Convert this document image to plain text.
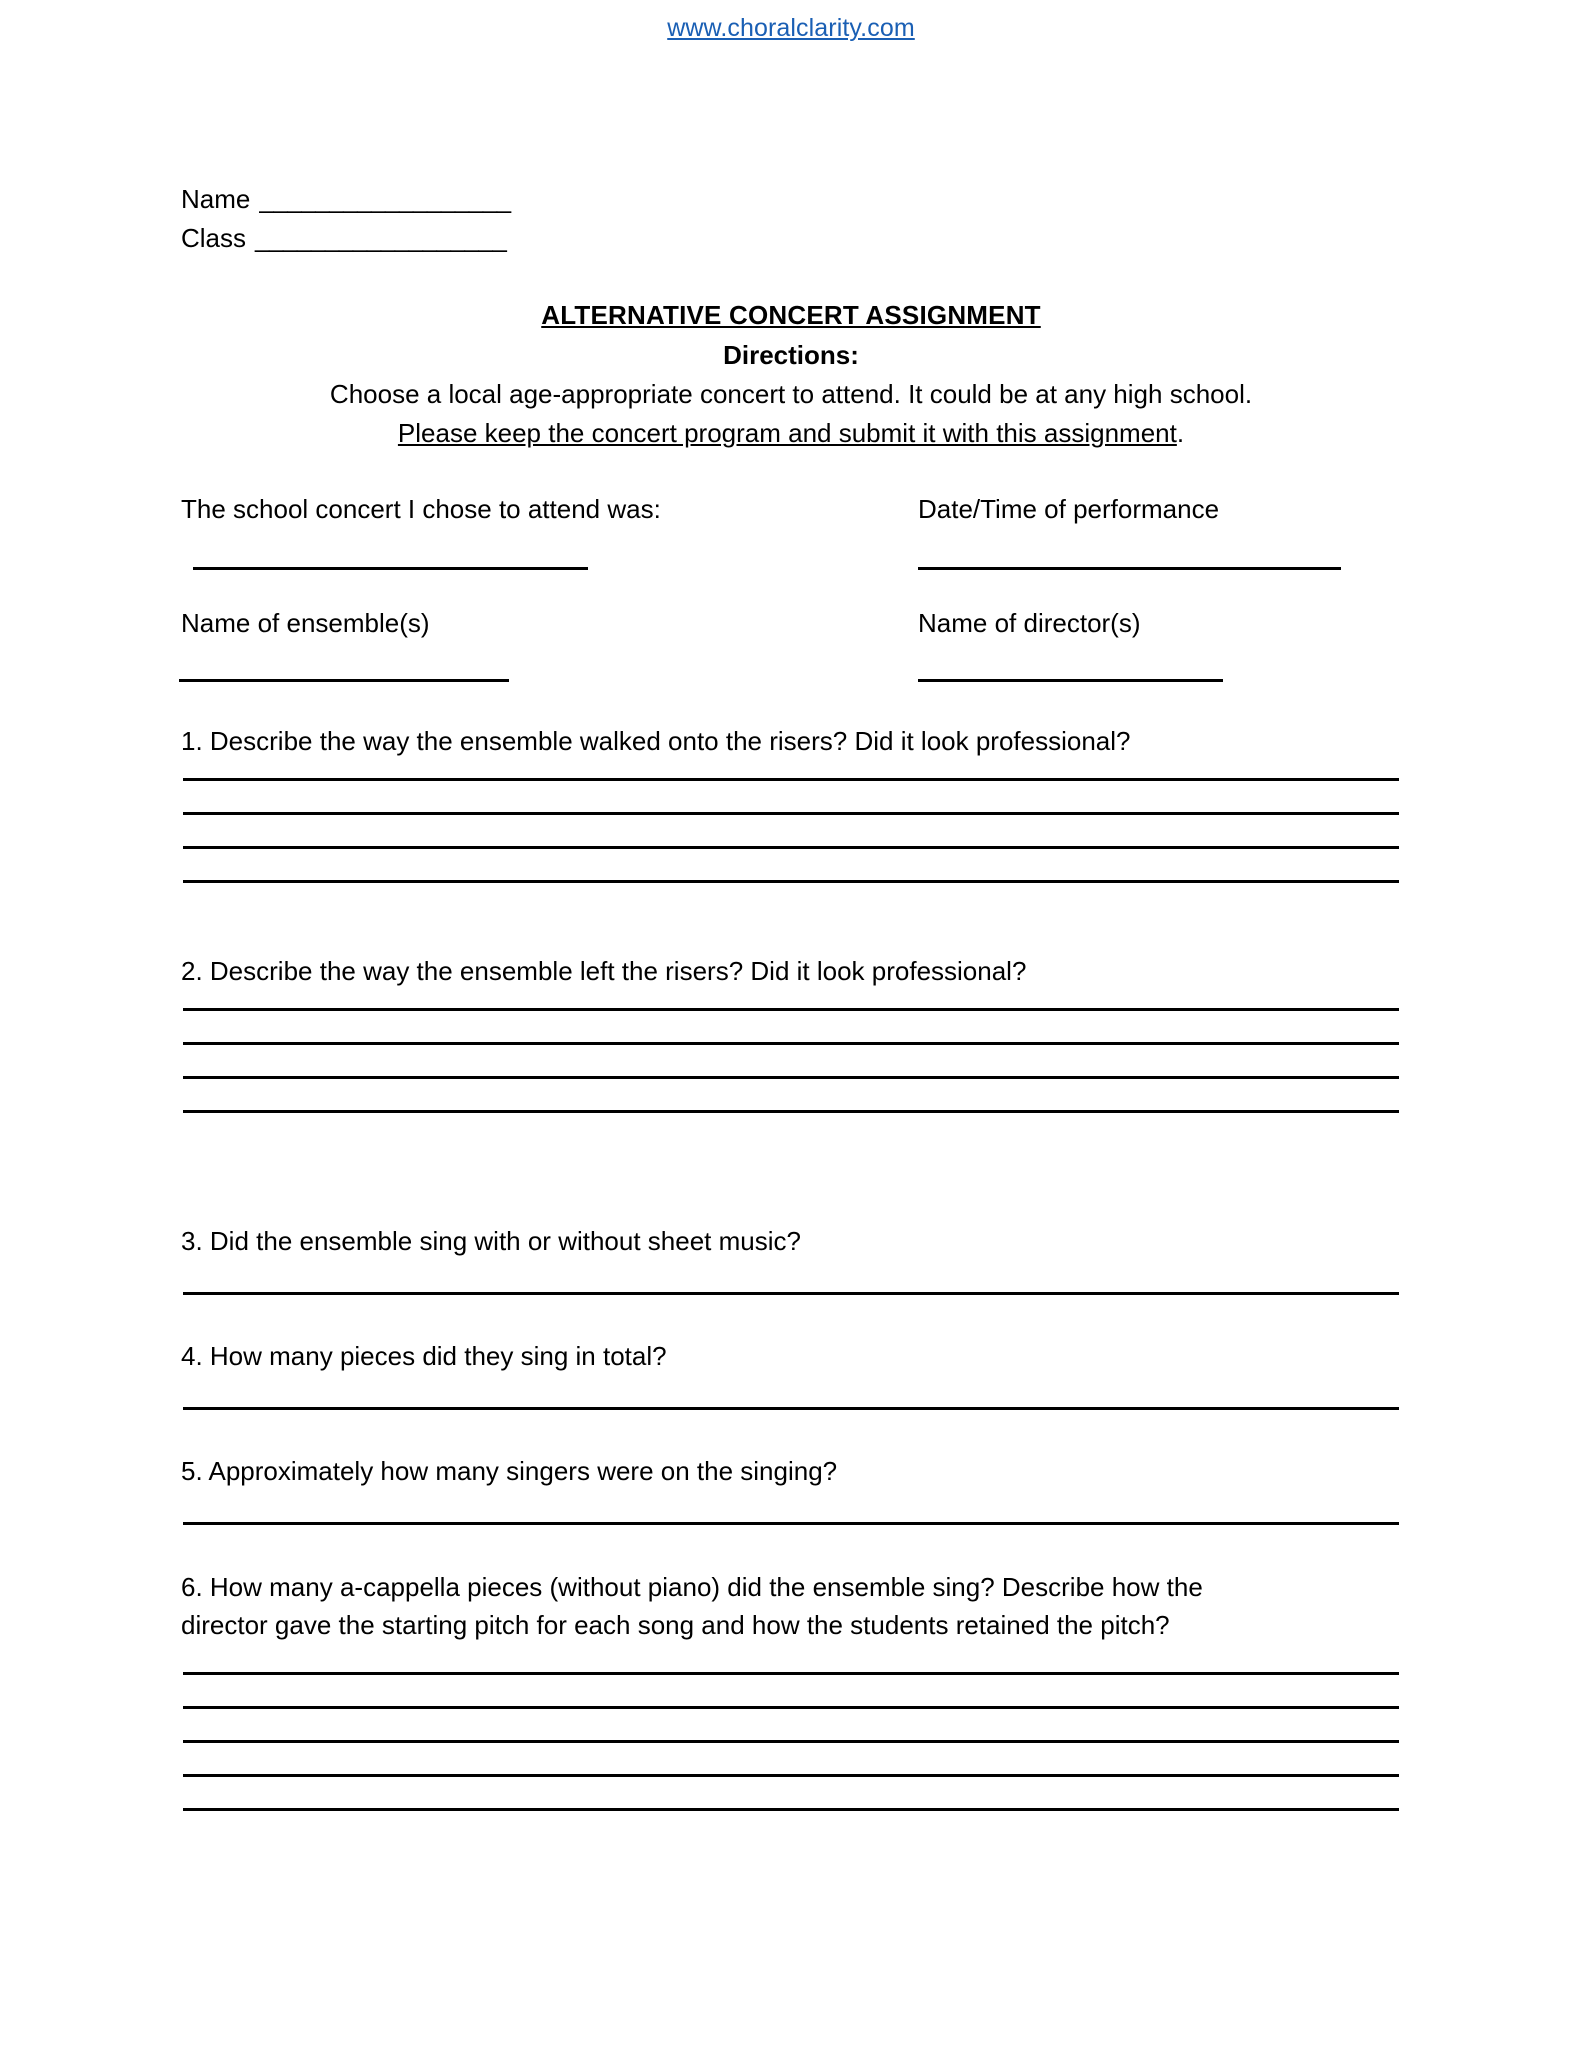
www.choralclarity.com
Name __________________
Class __________________
ALTERNATIVE CONCERT ASSIGNMENT
Directions:
Choose a local age-appropriate concert to attend. It could be at any high school.
Please keep the concert program and submit it with this assignment.
The school concert I chose to attend was:	Date/Time of performance
Name of ensemble(s)	Name of director(s)
1. Describe the way the ensemble walked onto the risers? Did it look professional?
2. Describe the way the ensemble left the risers? Did it look professional?
3. Did the ensemble sing with or without sheet music?
4. How many pieces did they sing in total?
5. Approximately how many singers were on the singing?
6. How many a-cappella pieces (without piano) did the ensemble sing? Describe how the
director gave the starting pitch for each song and how the students retained the pitch?
